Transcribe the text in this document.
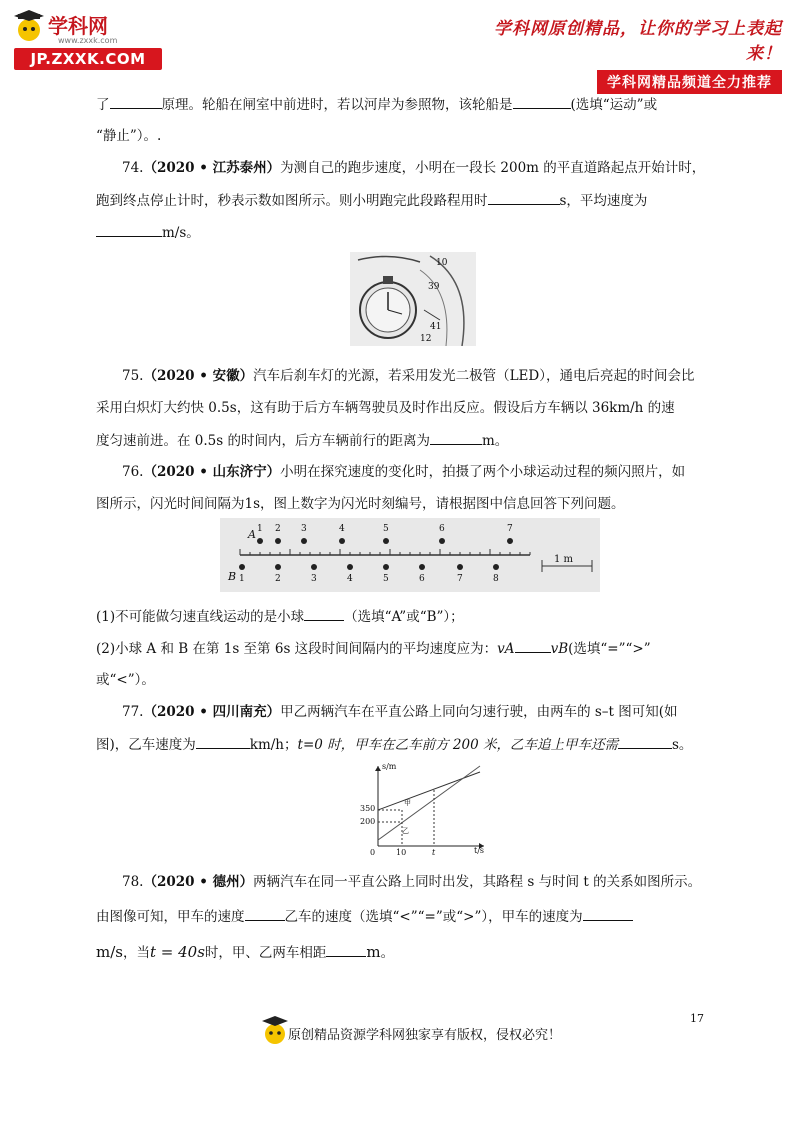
学科网
www.zxxk.com
JP.ZXXK.COM
学科网原创精品，让你的学习上表起来！
学科网精品频道全力推荐
了	原理。轮船在闸室中前进时，若以河岸为参照物，该轮船是	(选填“运动”或
“静止”）。.
74.（2020 • 江苏泰州）为测自己的跑步速度，小明在一段长 200m 的平直道路起点开始计时，
跑到终点停止计时，秒表示数如图所示。则小明跑完此段路程用时	s，平均速度为
m/s。
39
10
41
12
75.（2020 • 安徽）汽车后刹车灯的光源，若采用发光二极管（LED），通电后亮起的时间会比
采用白炽灯大约快 0.5s，这有助于后方车辆驾驶员及时作出反应。假设后方车辆以 36km/h 的速
度匀速前进。在 0.5s 的时间内，后方车辆前行的距离为	m。
76.（2020 • 山东济宁）小明在探究速度的变化时，拍摄了两个小球运动过程的频闪照片，如
图所示，闪光时间间隔为1s，图上数字为闪光时刻编号，请根据图中信息回答下列问题。
A
B
1 m
1 2 3	4	5	6	7
1	2	3	4	5	6	7	8
(1)不可能做匀速直线运动的是小球	（选填“A”或“B”）；
(2)小球 A 和 B 在第 1s 至第 6s 这段时间间隔内的平均速度应为：vA	vB(选填“=”“>”
或“<”）。
77.（2020 • 四川南充）甲乙两辆汽车在平直公路上同向匀速行驶，由两车的 s–t 图可知(如
图)，乙车速度为	km/h；t=0 时，甲车在乙车前方 200 米，乙车追上甲车还需	s。
s/m
t/s
350
200
0	10	t
甲
乙
78.（2020 • 德州）两辆汽车在同一平直公路上同时出发，其路程 s 与时间 t 的关系如图所示。
由图像可知，甲车的速度	乙车的速度（选填“<”“=”或“>”），甲车的速度为
m/s，当t = 40s时，甲、乙两车相距	m。
17
原创精品资源学科网独家享有版权，侵权必究！
